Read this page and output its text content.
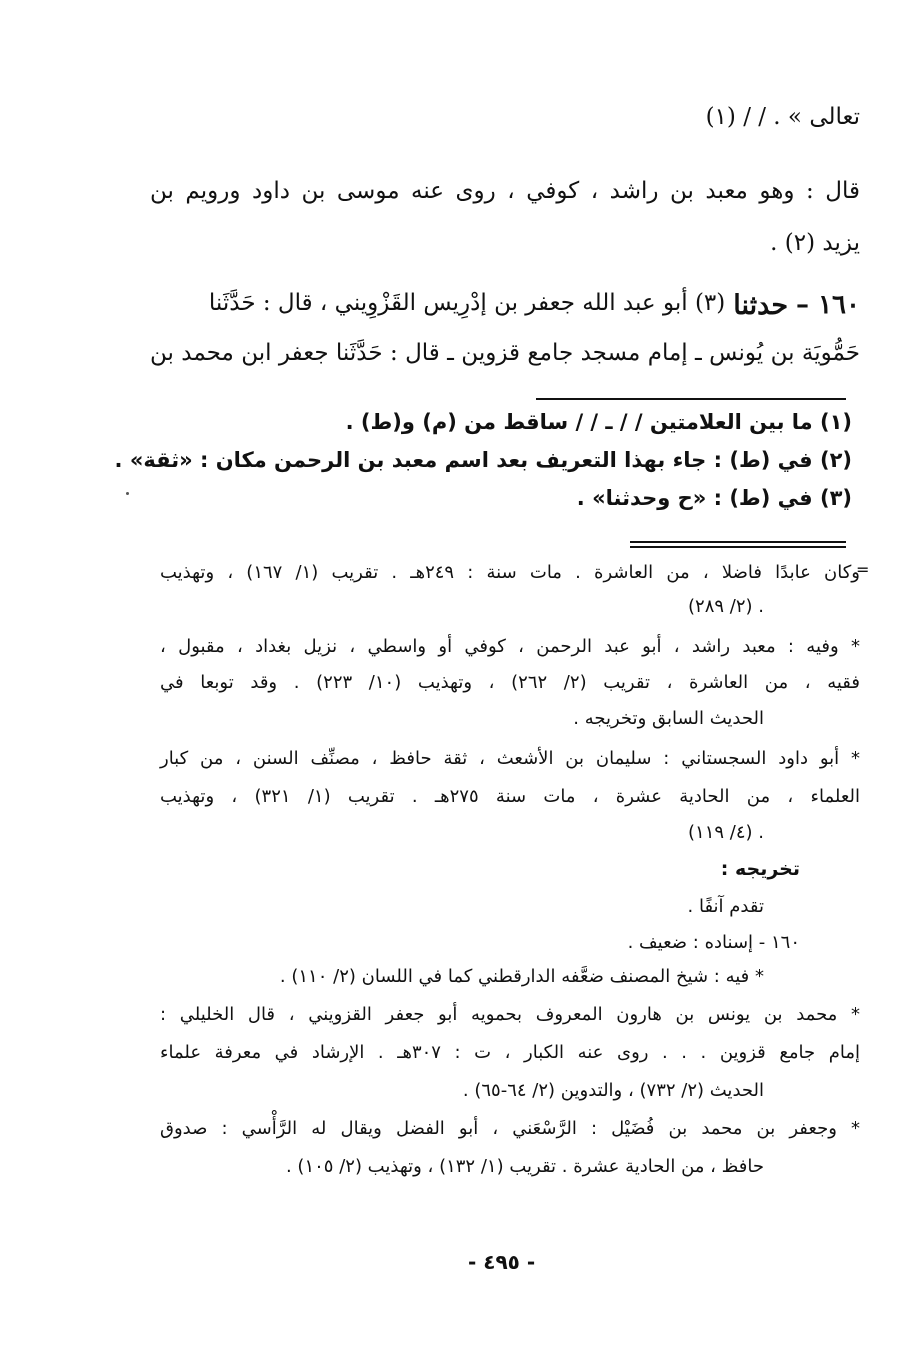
تعالى » . / / (١)
قال : وهو معبد بن راشد ، كوفي ، روى عنه موسى بن داود ورويم بن
يزيد (٢) .
١٦٠ –
حدثنا
(٣) أبو عبد الله جعفر بن إدْرِيس القَزْوِيني ، قال : حَدَّثَنا
حَمُّويَة بن يُونس ـ إمام مسجد جامع قزوين ـ قال : حَدَّثَنا جعفر ابن محمد بن
(١) ما بين العلامتين / / ـ / / ساقط من (م) و(ط) .
(٢) في (ط) : جاء بهذا التعريف بعد اسم معبد بن الرحمن مكان : «ثقة» .
(٣) في (ط) : «ح وحدثنا» .
=
وكان عابدًا فاضلا ، من العاشرة . مات سنة : ٢٤٩هـ . تقريب (١/ ١٦٧) ، وتهذيب
(٢/ ٢٨٩) .
* وفيه : معبد راشد ، أبو عبد الرحمن ، كوفي أو واسطي ، نزيل بغداد ، مقبول ،
فقيه ، من العاشرة ، تقريب (٢/ ٢٦٢) ، وتهذيب (١٠/ ٢٢٣) . وقد توبعا في
الحديث السابق وتخريجه .
* أبو داود السجستاني : سليمان بن الأشعث ، ثقة حافظ ، مصنِّف السنن ، من كبار
العلماء ، من الحادية عشرة ، مات سنة ٢٧٥هـ . تقريب (١/ ٣٢١) ، وتهذيب
(٤/ ١١٩) .
تخريجه :
تقدم آنفًا .
١٦٠ - إسناده : ضعيف .
* فيه : شيخ المصنف ضعَّفه الدارقطني كما في اللسان (٢/ ١١٠) .
* محمد بن يونس بن هارون المعروف بحمويه أبو جعفر القزويني ، قال الخليلي :
إمام جامع قزوين . . . روى عنه الكبار ، ت : ٣٠٧هـ . الإرشاد في معرفة علماء
الحديث (٢/ ٧٣٢) ، والتدوين (٢/ ٦٤-٦٥) .
* وجعفر بن محمد بن فُضَيْل : الرَّسْعَني ، أبو الفضل ويقال له الرَّأْسي : صدوق
حافظ ، من الحادية عشرة . تقريب (١/ ١٣٢) ، وتهذيب (٢/ ١٠٥) .
- ٤٩٥ -
